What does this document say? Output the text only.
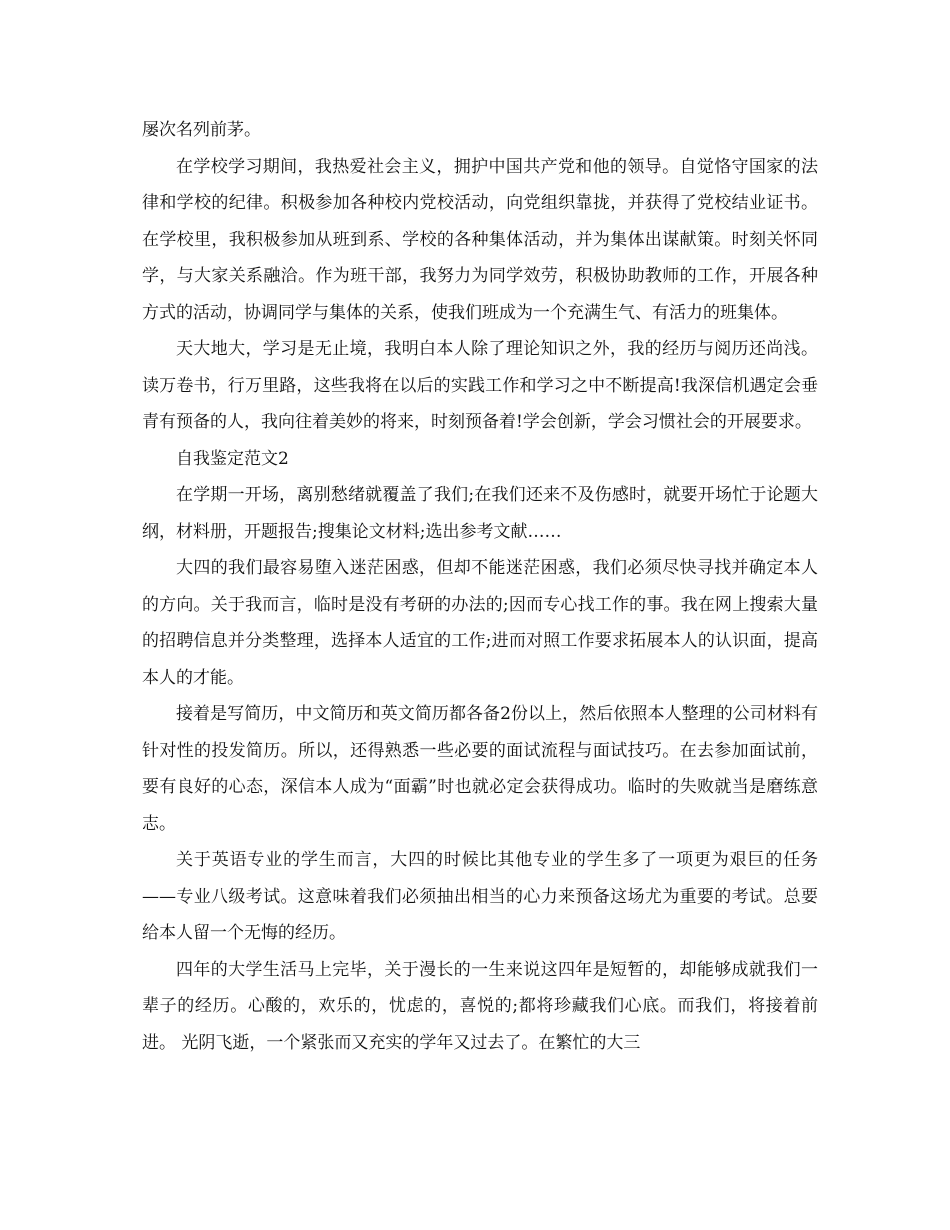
屡次名列前茅。

在学校学习期间，我热爱社会主义，拥护中国共产党和他的领导。自觉恪守国家的法律和学校的纪律。积极参加各种校内党校活动，向党组织靠拢，并获得了党校结业证书。在学校里，我积极参加从班到系、学校的各种集体活动，并为集体出谋献策。时刻关怀同学，与大家关系融洽。作为班干部，我努力为同学效劳，积极协助教师的工作，开展各种方式的活动，协调同学与集体的关系，使我们班成为一个充满生气、有活力的班集体。

天大地大，学习是无止境，我明白本人除了理论知识之外，我的经历与阅历还尚浅。读万卷书，行万里路，这些我将在以后的实践工作和学习之中不断提高!我深信机遇定会垂青有预备的人，我向往着美妙的将来，时刻预备着!学会创新，学会习惯社会的开展要求。

自我鉴定范文2

在学期一开场，离别愁绪就覆盖了我们;在我们还来不及伤感时，就要开场忙于论题大纲，材料册，开题报告;搜集论文材料;选出参考文献……

大四的我们最容易堕入迷茫困惑，但却不能迷茫困惑，我们必须尽快寻找并确定本人的方向。关于我而言，临时是没有考研的办法的;因而专心找工作的事。我在网上搜索大量的招聘信息并分类整理，选择本人适宜的工作;进而对照工作要求拓展本人的认识面，提高本人的才能。

接着是写简历，中文简历和英文简历都各备2份以上，然后依照本人整理的公司材料有针对性的投发简历。所以，还得熟悉一些必要的面试流程与面试技巧。在去参加面试前，要有良好的心态，深信本人成为“面霸”时也就必定会获得成功。临时的失败就当是磨练意志。

关于英语专业的学生而言，大四的时候比其他专业的学生多了一项更为艰巨的任务——专业八级考试。这意味着我们必须抽出相当的心力来预备这场尤为重要的考试。总要给本人留一个无悔的经历。

四年的大学生活马上完毕，关于漫长的一生来说这四年是短暂的，却能够成就我们一辈子的经历。心酸的，欢乐的，忧虑的，喜悦的;都将珍藏我们心底。而我们，将接着前进。 光阴飞逝，一个紧张而又充实的学年又过去了。在繁忙的大三
